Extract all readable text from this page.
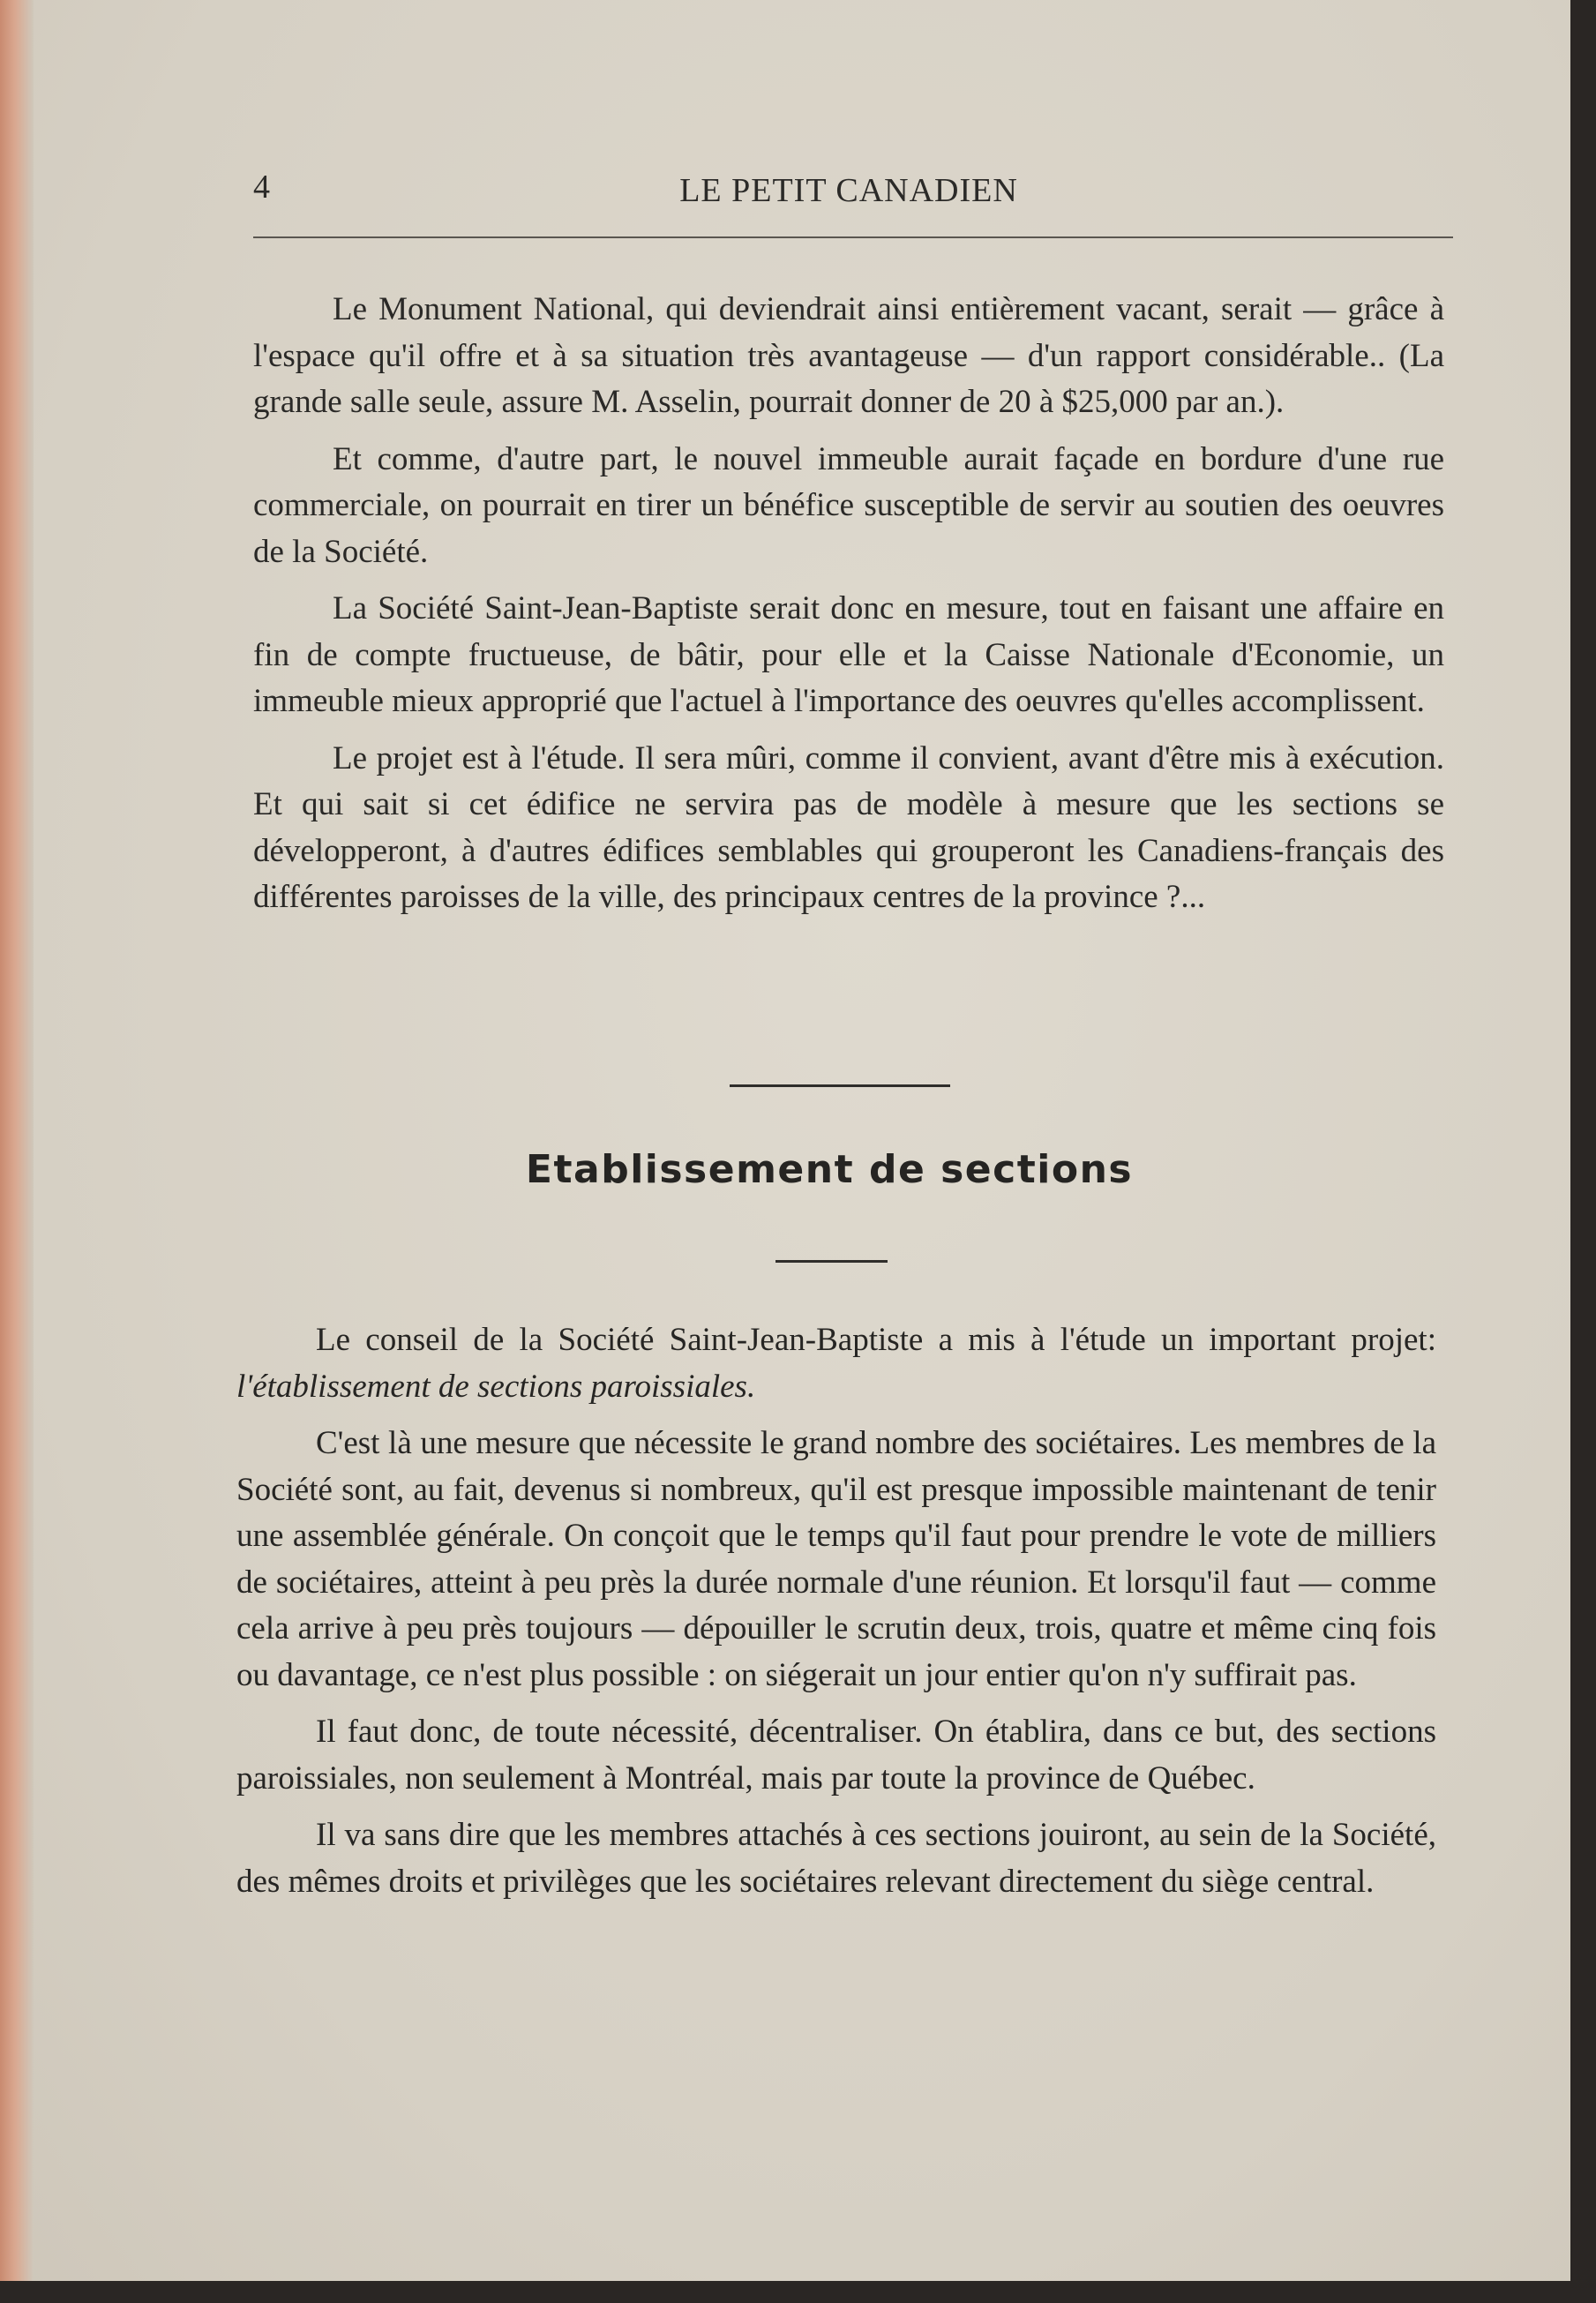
4	LE PETIT CANADIEN

Le Monument National, qui deviendrait ainsi entièrement vacant, serait — grâce à l'espace qu'il offre et à sa situation très avantageuse — d'un rapport considérable.. (La grande salle seule, assure M. Asselin, pourrait donner de 20 à $25,000 par an.).

Et comme, d'autre part, le nouvel immeuble aurait façade en bordure d'une rue commerciale, on pourrait en tirer un bénéfice susceptible de servir au soutien des oeuvres de la Société.

La Société Saint-Jean-Baptiste serait donc en mesure, tout en faisant une affaire en fin de compte fructueuse, de bâtir, pour elle et la Caisse Nationale d'Economie, un immeuble mieux approprié que l'actuel à l'importance des oeuvres qu'elles accomplissent.

Le projet est à l'étude. Il sera mûri, comme il convient, avant d'être mis à exécution. Et qui sait si cet édifice ne servira pas de modèle à mesure que les sections se développeront, à d'autres édifices semblables qui grouperont les Canadiens-français des différentes paroisses de la ville, des principaux centres de la province ?...

Etablissement de sections

Le conseil de la Société Saint-Jean-Baptiste a mis à l'étude un important projet: l'établissement de sections paroissiales.

C'est là une mesure que nécessite le grand nombre des sociétaires. Les membres de la Société sont, au fait, devenus si nombreux, qu'il est presque impossible maintenant de tenir une assemblée générale. On conçoit que le temps qu'il faut pour prendre le vote de milliers de sociétaires, atteint à peu près la durée normale d'une réunion. Et lorsqu'il faut — comme cela arrive à peu près toujours — dépouiller le scrutin deux, trois, quatre et même cinq fois ou davantage, ce n'est plus possible : on siégerait un jour entier qu'on n'y suffirait pas.

Il faut donc, de toute nécessité, décentraliser. On établira, dans ce but, des sections paroissiales, non seulement à Montréal, mais par toute la province de Québec.

Il va sans dire que les membres attachés à ces sections jouiront, au sein de la Société, des mêmes droits et privilèges que les sociétaires relevant directement du siège central.
